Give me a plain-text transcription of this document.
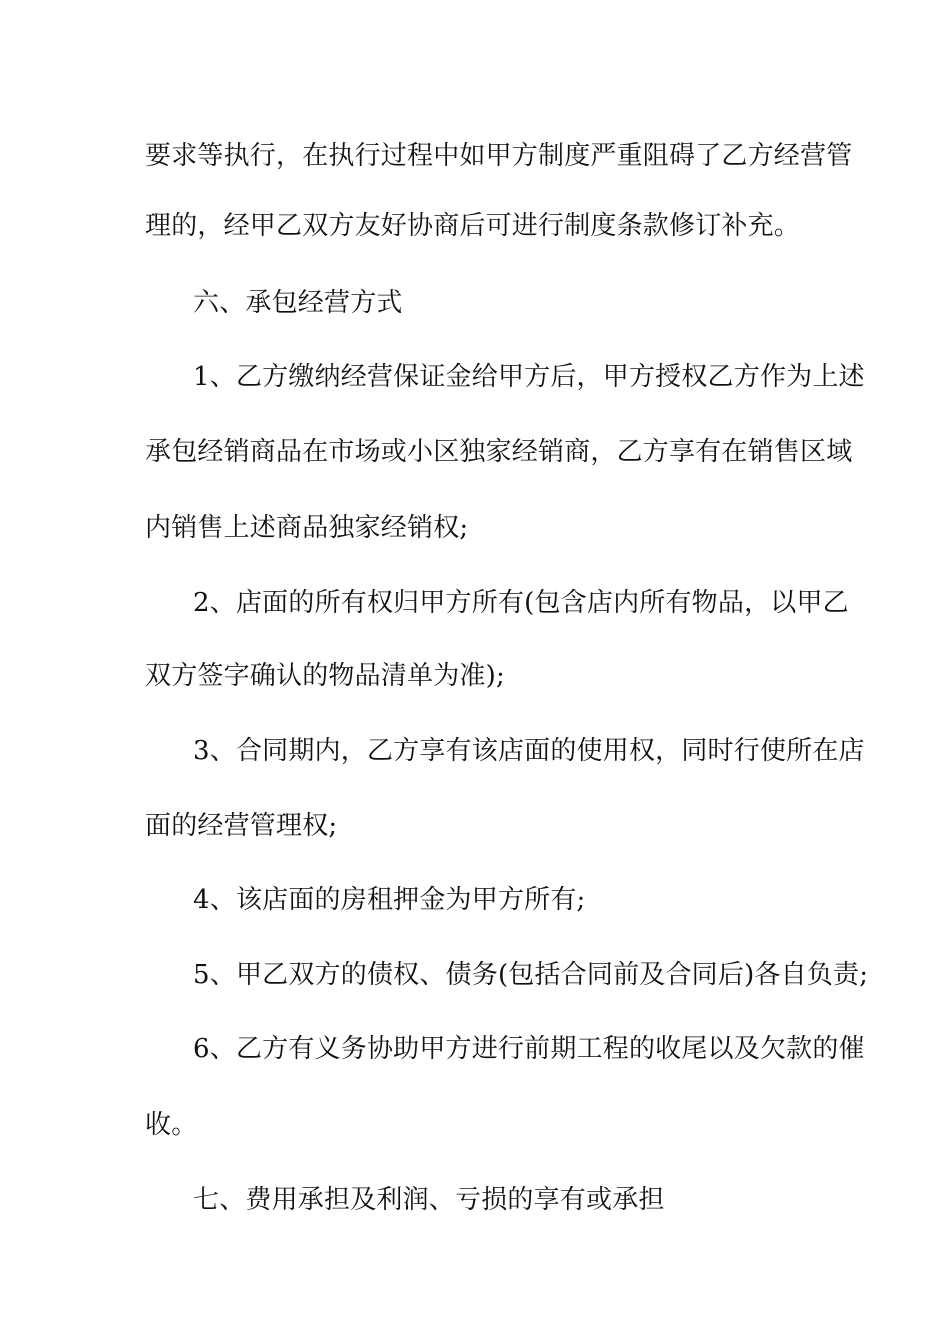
要求等执行，在执行过程中如甲方制度严重阻碍了乙方经营管
理的，经甲乙双方友好协商后可进行制度条款修订补充。
六、承包经营方式
1、乙方缴纳经营保证金给甲方后，甲方授权乙方作为上述
承包经销商品在市场或小区独家经销商，乙方享有在销售区域
内销售上述商品独家经销权;
2、店面的所有权归甲方所有(包含店内所有物品，以甲乙
双方签字确认的物品清单为准);
3、合同期内，乙方享有该店面的使用权，同时行使所在店
面的经营管理权;
4、该店面的房租押金为甲方所有;
5、甲乙双方的债权、债务(包括合同前及合同后)各自负责;
6、乙方有义务协助甲方进行前期工程的收尾以及欠款的催
收。
七、费用承担及利润、亏损的享有或承担
